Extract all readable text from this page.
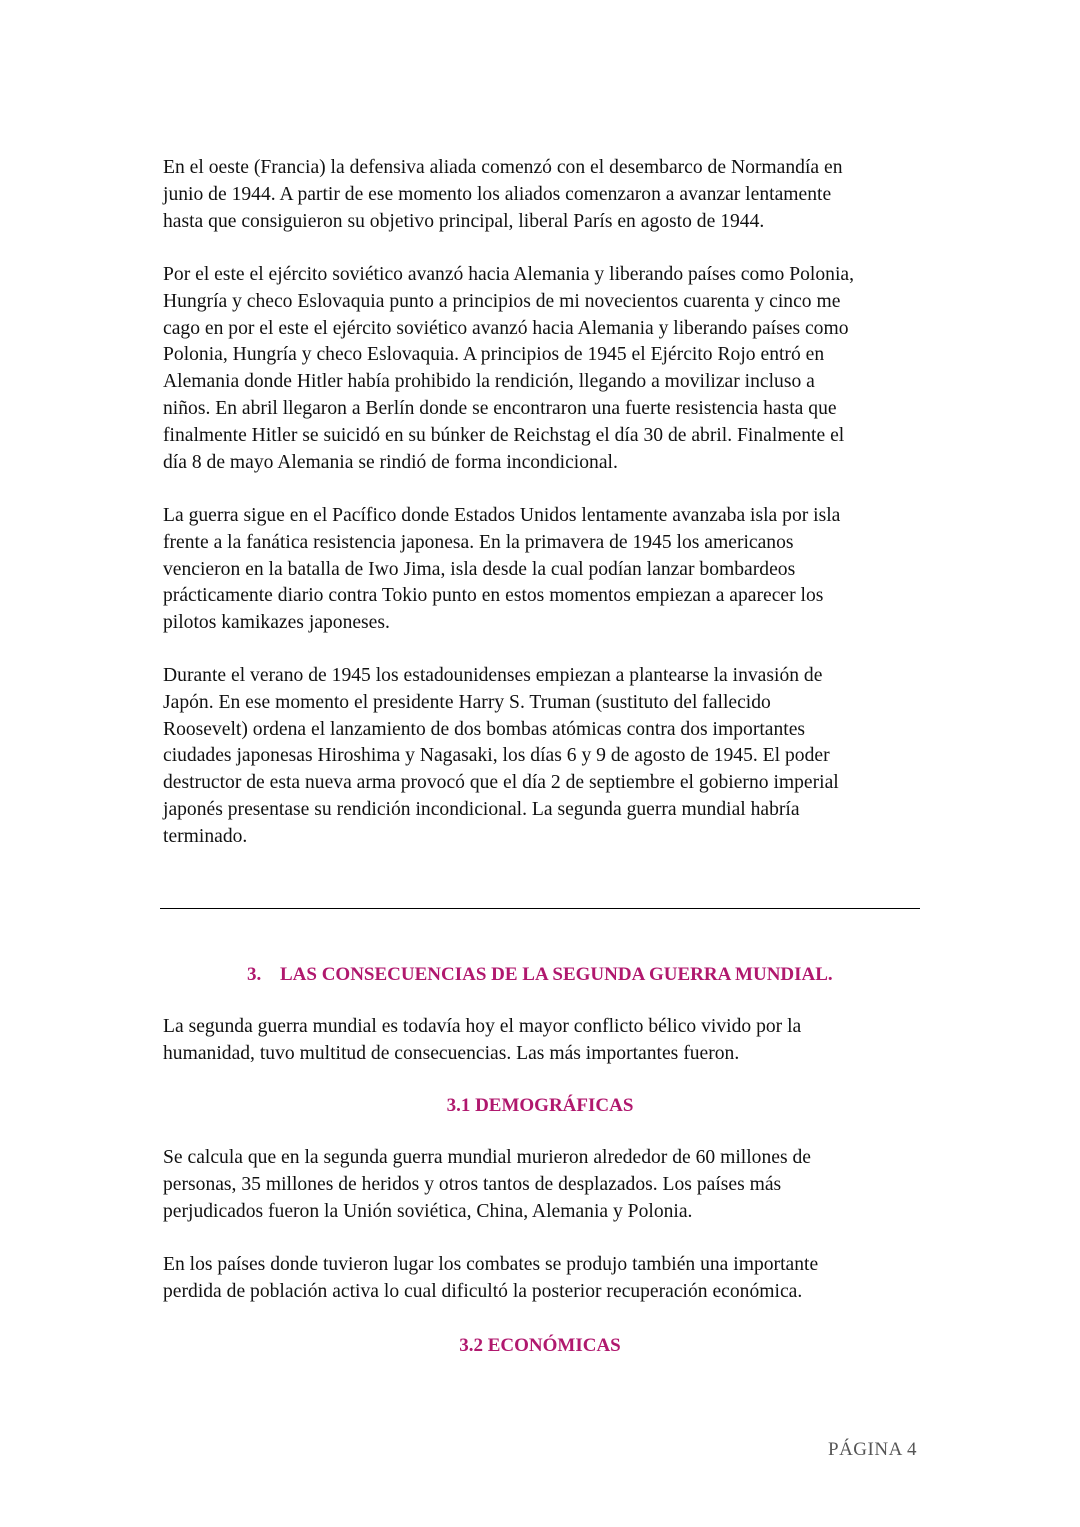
En el oeste (Francia) la defensiva aliada comenzó con el desembarco de Normandía en
junio de 1944. A partir de ese momento los aliados comenzaron a avanzar lentamente
hasta que consiguieron su objetivo principal, liberal París en agosto de 1944.

Por el este el ejército soviético avanzó hacia Alemania y liberando países como Polonia,
Hungría y checo Eslovaquia punto a principios de mi novecientos cuarenta y cinco me
cago en por el este el ejército soviético avanzó hacia Alemania y liberando países como
Polonia, Hungría y checo Eslovaquia. A principios de 1945 el Ejército Rojo entró en
Alemania donde Hitler había prohibido la rendición, llegando a movilizar incluso a
niños. En abril llegaron a Berlín donde se encontraron una fuerte resistencia hasta que
finalmente Hitler se suicidó en su búnker de Reichstag el día 30 de abril. Finalmente el
día 8 de mayo Alemania se rindió de forma incondicional.

La guerra sigue en el Pacífico donde Estados Unidos lentamente avanzaba isla por isla
frente a la fanática resistencia japonesa. En la primavera de 1945 los americanos
vencieron en la batalla de Iwo Jima, isla desde la cual podían lanzar bombardeos
prácticamente diario contra Tokio punto en estos momentos empiezan a aparecer los
pilotos kamikazes japoneses.

Durante el verano de 1945 los estadounidenses empiezan a plantearse la invasión de
Japón. En ese momento el presidente Harry S. Truman (sustituto del fallecido
Roosevelt) ordena el lanzamiento de dos bombas atómicas contra dos importantes
ciudades japonesas Hiroshima y Nagasaki, los días 6 y 9 de agosto de 1945. El poder
destructor de esta nueva arma provocó que el día 2 de septiembre el gobierno imperial
japonés presentase su rendición incondicional. La segunda guerra mundial habría
terminado.

3. LAS CONSECUENCIAS DE LA SEGUNDA GUERRA MUNDIAL.

La segunda guerra mundial es todavía hoy el mayor conflicto bélico vivido por la
humanidad, tuvo multitud de consecuencias. Las más importantes fueron.

3.1 DEMOGRÁFICAS

Se calcula que en la segunda guerra mundial murieron alrededor de 60 millones de
personas, 35 millones de heridos y otros tantos de desplazados. Los países más
perjudicados fueron la Unión soviética, China, Alemania y Polonia.

En los países donde tuvieron lugar los combates se produjo también una importante
perdida de población activa lo cual dificultó la posterior recuperación económica.

3.2 ECONÓMICAS
PÁGINA 4
